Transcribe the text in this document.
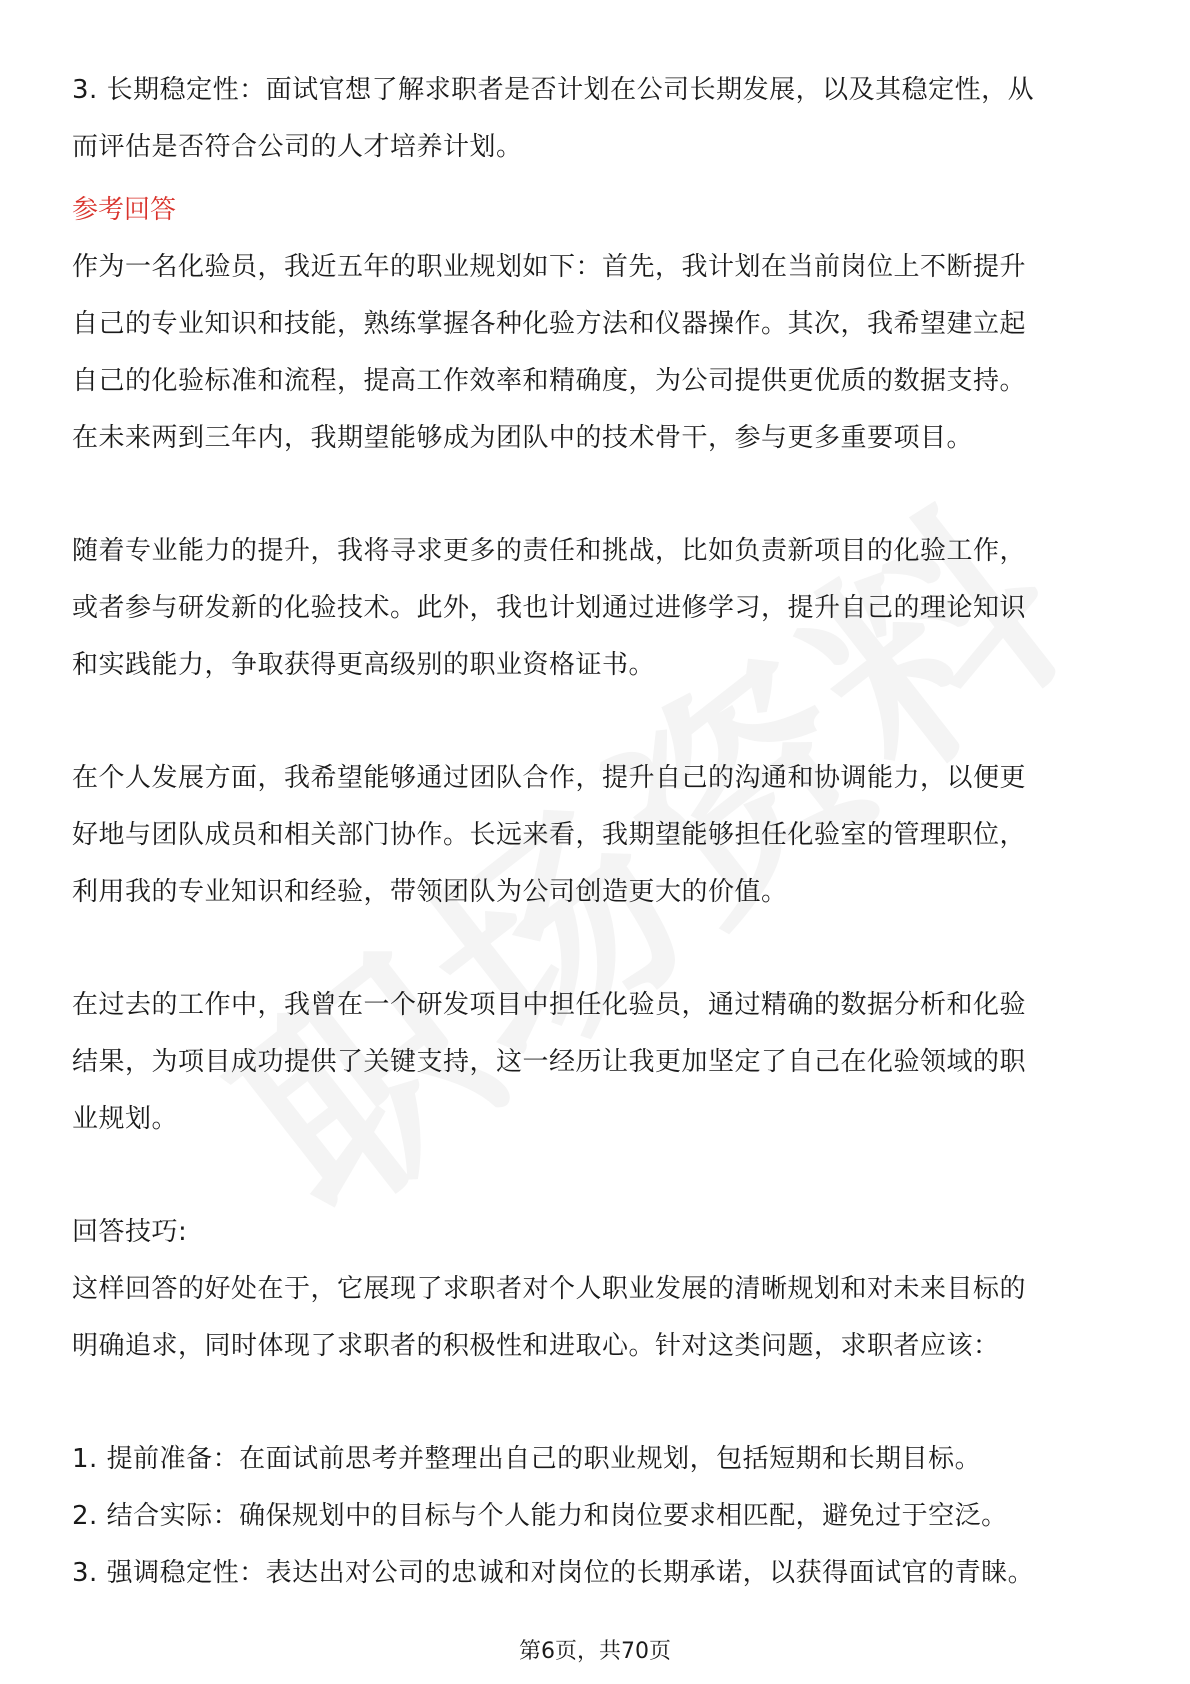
3. 长期稳定性：面试官想了解求职者是否计划在公司长期发展，以及其稳定性，从

而评估是否符合公司的人才培养计划。

参考回答

作为一名化验员，我近五年的职业规划如下：首先，我计划在当前岗位上不断提升

自己的专业知识和技能，熟练掌握各种化验方法和仪器操作。其次，我希望建立起

自己的化验标准和流程，提高工作效率和精确度，为公司提供更优质的数据支持。

在未来两到三年内，我期望能够成为团队中的技术骨干，参与更多重要项目。

随着专业能力的提升，我将寻求更多的责任和挑战，比如负责新项目的化验工作，

或者参与研发新的化验技术。此外，我也计划通过进修学习，提升自己的理论知识

和实践能力，争取获得更高级别的职业资格证书。

在个人发展方面，我希望能够通过团队合作，提升自己的沟通和协调能力，以便更

好地与团队成员和相关部门协作。长远来看，我期望能够担任化验室的管理职位，

利用我的专业知识和经验，带领团队为公司创造更大的价值。

在过去的工作中，我曾在一个研发项目中担任化验员，通过精确的数据分析和化验

结果，为项目成功提供了关键支持，这一经历让我更加坚定了自己在化验领域的职

业规划。

回答技巧:

这样回答的好处在于，它展现了求职者对个人职业发展的清晰规划和对未来目标的

明确追求，同时体现了求职者的积极性和进取心。针对这类问题，求职者应该：

1. 提前准备：在面试前思考并整理出自己的职业规划，包括短期和长期目标。

2. 结合实际：确保规划中的目标与个人能力和岗位要求相匹配，避免过于空泛。

3. 强调稳定性：表达出对公司的忠诚和对岗位的长期承诺，以获得面试官的青睐。

第6页，共70页
